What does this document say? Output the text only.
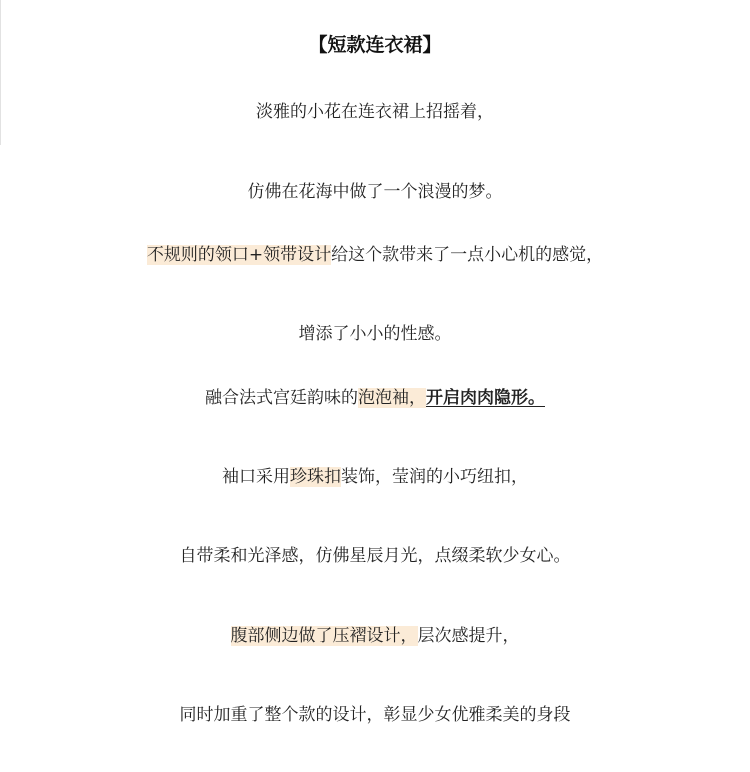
【短款连衣裙】
淡雅的小花在连衣裙上招摇着，
仿佛在花海中做了一个浪漫的梦。
不规则的领口+领带设计给这个款带来了一点小心机的感觉，
增添了小小的性感。
融合法式宫廷韵味的泡泡袖，开启肉肉隐形。
袖口采用珍珠扣装饰，莹润的小巧纽扣，
自带柔和光泽感，仿佛星辰月光，点缀柔软少女心。
腹部侧边做了压褶设计，层次感提升，
同时加重了整个款的设计，彰显少女优雅柔美的身段
